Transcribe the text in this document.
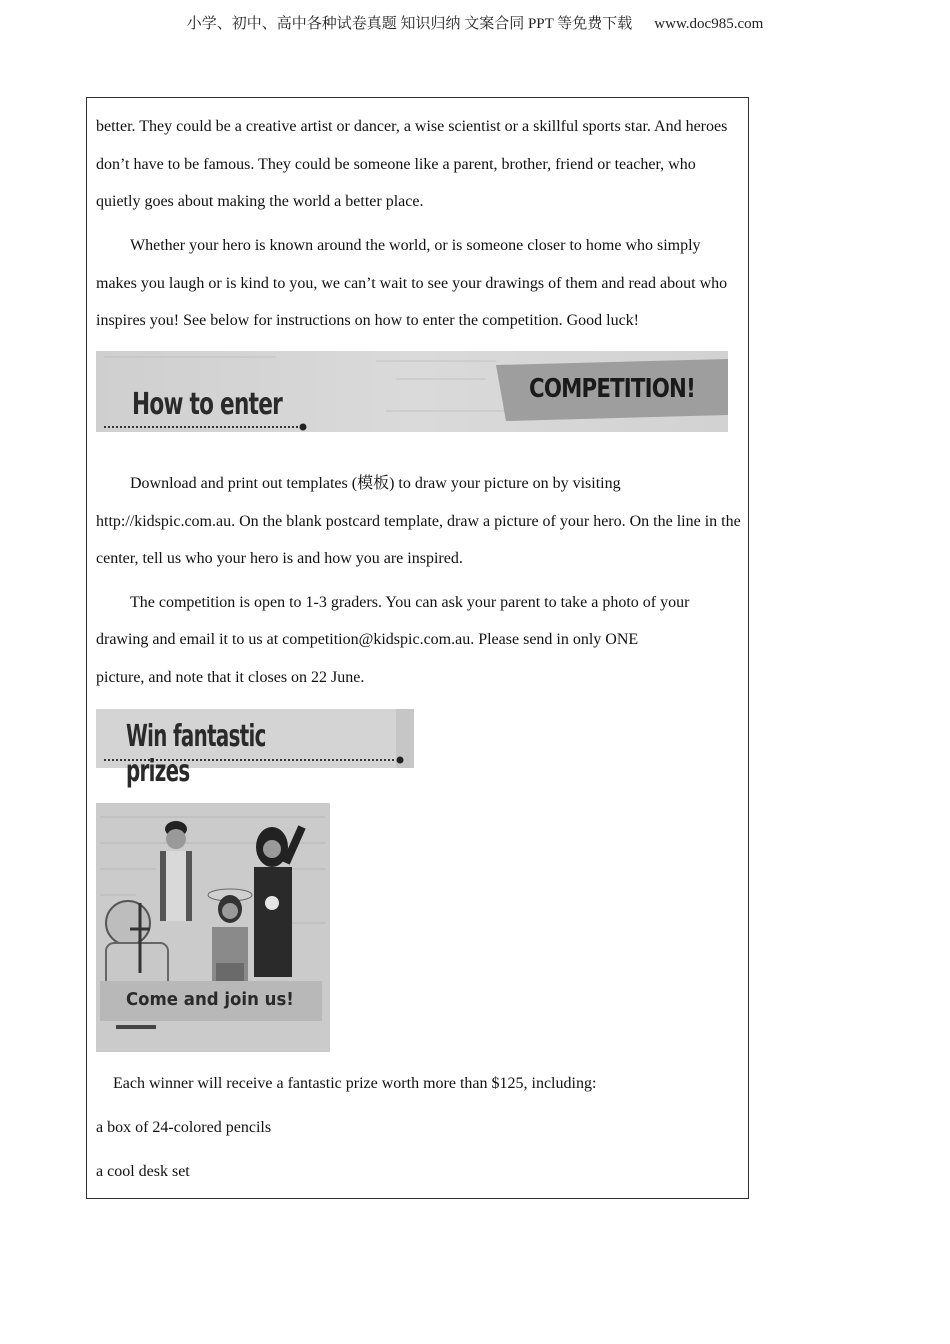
小学、初中、高中各种试卷真题 知识归纳 文案合同 PPT 等免费下载 www.doc985.com

better. They could be a creative artist or dancer, a wise scientist or a skillful sports star. And heroes don’t have to be famous. They could be someone like a parent, brother, friend or teacher, who quietly goes about making the world a better place.

Whether your hero is known around the world, or is someone closer to home who simply makes you laugh or is kind to you, we can’t wait to see your drawings of them and read about who inspires you! See below for instructions on how to enter the competition. Good luck!

How to enter	COMPETITION!

Download and print out templates (模板) to draw your picture on by visiting http://kidspic.com.au. On the blank postcard template, draw a picture of your hero. On the line in the center, tell us who your hero is and how you are inspired.

The competition is open to 1-3 graders. You can ask your parent to take a photo of your

drawing and email it to us at competition@kidspic.com.au. Please send in only ONE

picture, and note that it closes on 22 June.

Win fantastic prizes
Come and join us!

Each winner will receive a fantastic prize worth more than $125, including:

a box of 24-colored pencils

a cool desk set
